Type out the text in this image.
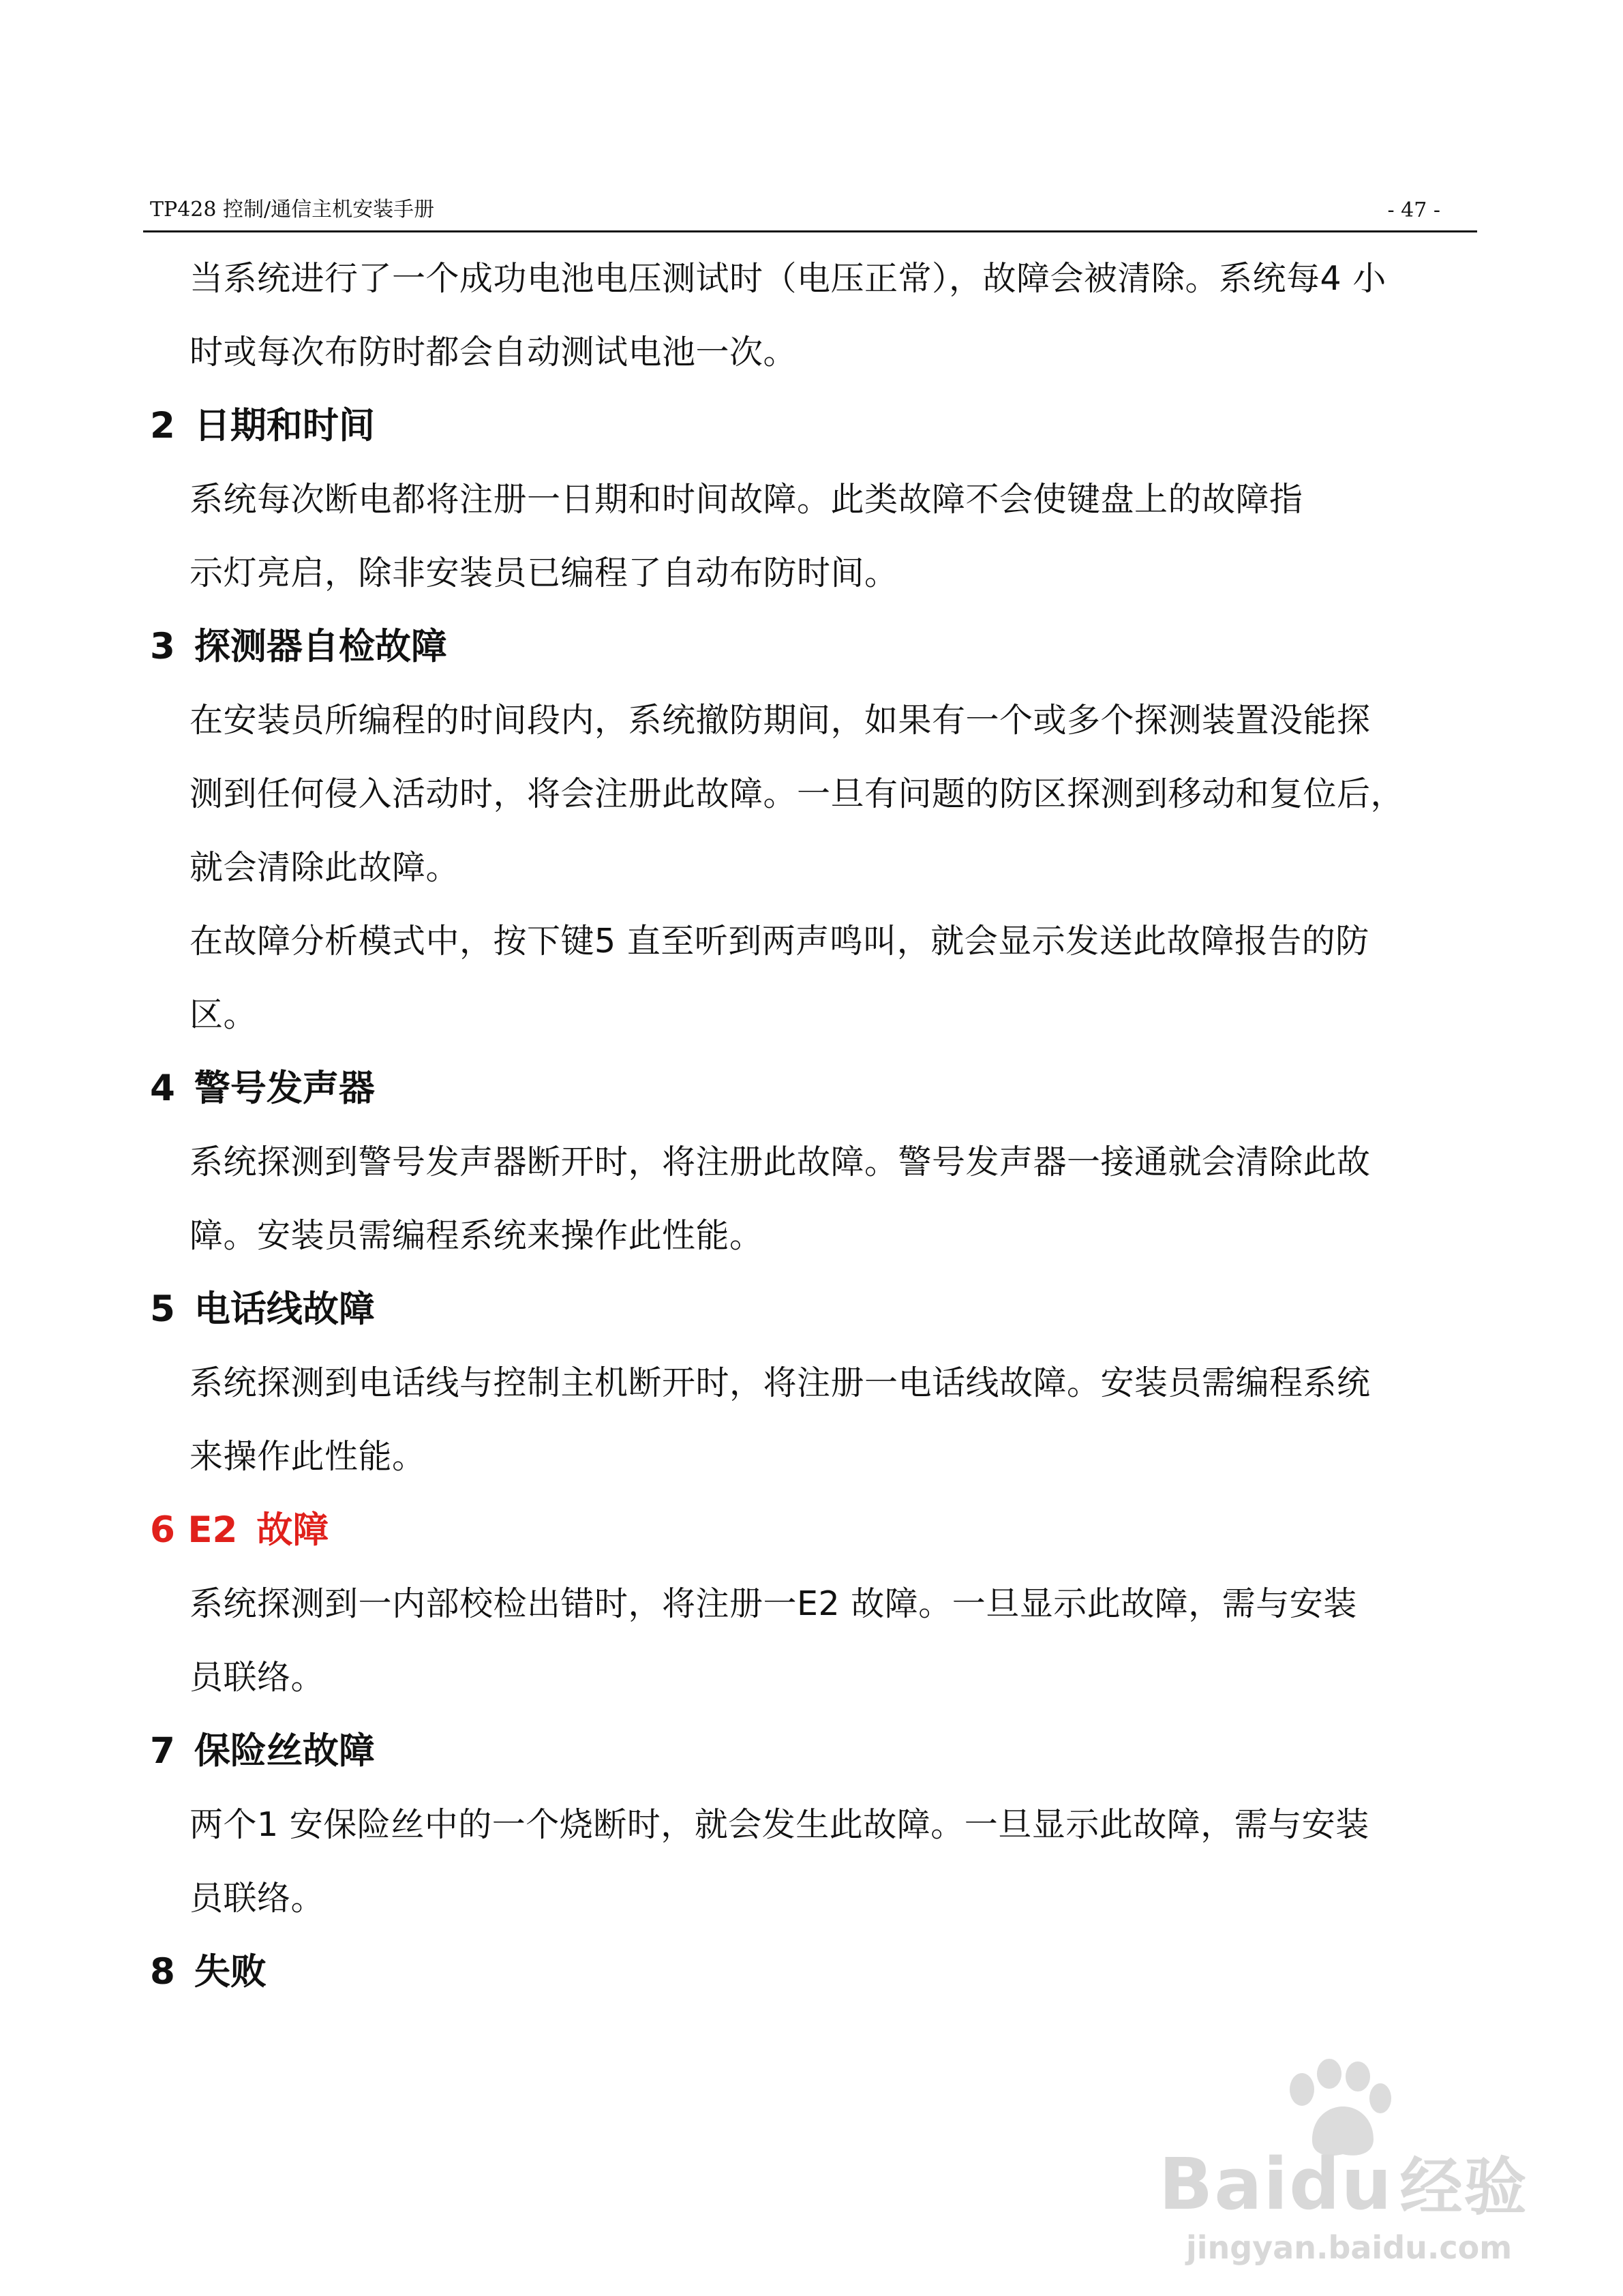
TP428 控制/通信主机安装手册	- 47 -

当系统进行了一个成功电池电压测试时（电压正常），故障会被清除。系统每4 小

时或每次布防时都会自动测试电池一次。

2 日期和时间

系统每次断电都将注册一日期和时间故障。此类故障不会使键盘上的故障指

示灯亮启，除非安装员已编程了自动布防时间。

3 探测器自检故障

在安装员所编程的时间段内，系统撤防期间，如果有一个或多个探测装置没能探

测到任何侵入活动时，将会注册此故障。一旦有问题的防区探测到移动和复位后，

就会清除此故障。

在故障分析模式中，按下键5 直至听到两声鸣叫，就会显示发送此故障报告的防

区。

4 警号发声器

系统探测到警号发声器断开时，将注册此故障。警号发声器一接通就会清除此故

障。安装员需编程系统来操作此性能。

5 电话线故障

系统探测到电话线与控制主机断开时，将注册一电话线故障。安装员需编程系统

来操作此性能。

6 E2 故障

系统探测到一内部校检出错时，将注册一E2 故障。一旦显示此故障，需与安装

员联络。

7 保险丝故障

两个1 安保险丝中的一个烧断时，就会发生此故障。一旦显示此故障，需与安装

员联络。

8 失败
Baidu 经验
jingyan.baidu.com
